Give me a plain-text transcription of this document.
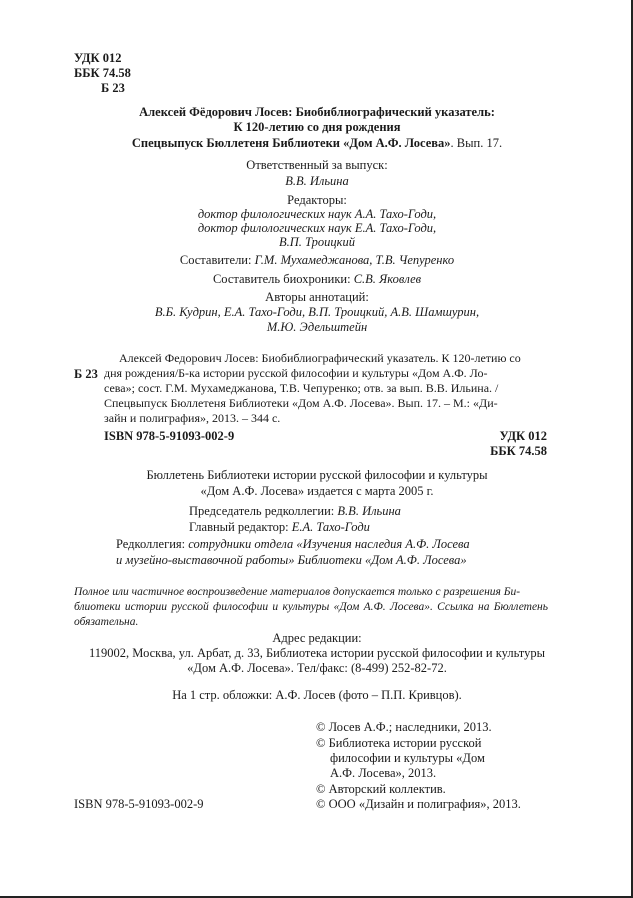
УДК 012
ББК 74.58
Б 23
Алексей Фёдорович Лосев: Биобиблиографический указатель:
К 120-летию со дня рождения
Спецвыпуск Бюллетеня Библиотеки «Дом А.Ф. Лосева». Вып. 17.
Ответственный за выпуск:
В.В. Ильина
Редакторы:
доктор филологических наук А.А. Тахо-Годи,
доктор филологических наук Е.А. Тахо-Годи,
В.П. Троицкий
Составители: Г.М. Мухамеджанова, Т.В. Чепуренко
Составитель биохроники: С.В. Яковлев
Авторы аннотаций:
В.Б. Кудрин, Е.А. Тахо-Годи, В.П. Троицкий, А.В. Шамшурин,
М.Ю. Эдельштейн
Б 23
Алексей Федорович Лосев: Биобиблиографический указатель. К 120-летию со
дня рождения/Б-ка истории русской философии и культуры «Дом А.Ф. Ло-
сева»; сост. Г.М. Мухамеджанова, Т.В. Чепуренко; отв. за вып. В.В. Ильина. /
Спецвыпуск Бюллетеня Библиотеки «Дом А.Ф. Лосева». Вып. 17. – М.: «Ди-
зайн и полиграфия», 2013. – 344 с.
ISBN 978-5-91093-002-9	УДК 012
ББК 74.58
Бюллетень Библиотеки истории русской философии и культуры
«Дом А.Ф. Лосева» издается с марта 2005 г.
Председатель редколлегии: В.В. Ильина
Главный редактор: Е.А. Тахо-Годи
Редколлегия: сотрудники отдела «Изучения наследия А.Ф. Лосева
и музейно-выставочной работы» Библиотеки «Дом А.Ф. Лосева»
Полное или частичное воспроизведение материалов допускается только с разрешения Би-
блиотеки истории русской философии и культуры «Дом А.Ф. Лосева». Ссылка на Бюллетень обязательна.
Адрес редакции:
119002, Москва, ул. Арбат, д. 33, Библиотека истории русской философии и культуры
«Дом А.Ф. Лосева». Тел/факс: (8-499) 252-82-72.
На 1 стр. обложки: А.Ф. Лосев (фото – П.П. Кривцов).
© Лосев А.Ф.; наследники, 2013.
© Библиотека истории русской
философии и культуры «Дом
А.Ф. Лосева», 2013.
© Авторский коллектив.
© ООО «Дизайн и полиграфия», 2013.
ISBN 978-5-91093-002-9
